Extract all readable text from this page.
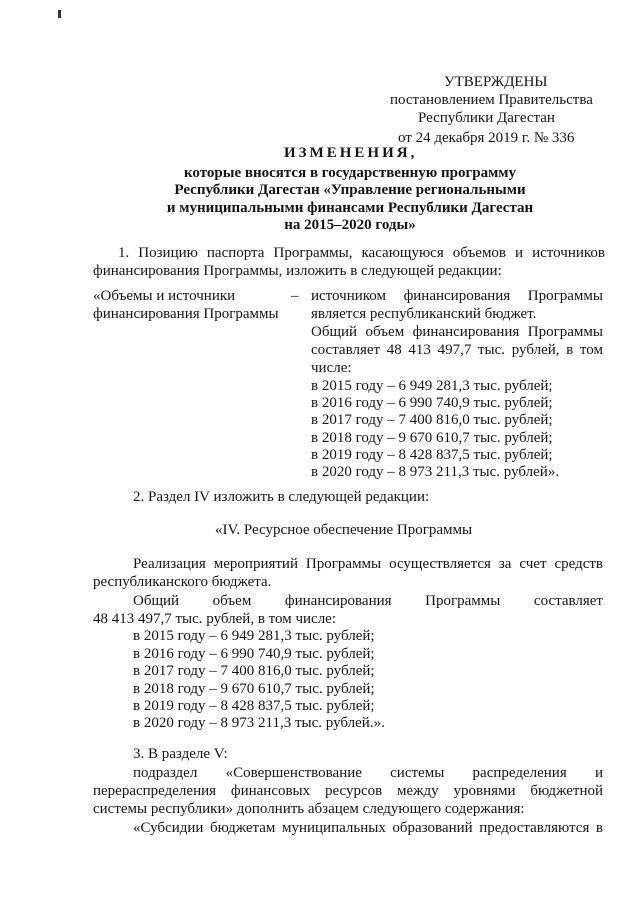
УТВЕРЖДЕНЫ
постановлением Правительства
Республики Дагестан
от 24 декабря 2019 г. № 336
ИЗМЕНЕНИЯ,
которые вносятся в государственную программу
Республики Дагестан «Управление региональными
и муниципальными финансами Республики Дагестан
на 2015–2020 годы»
1. Позицию паспорта Программы, касающуюся объемов и источников
финансирования Программы, изложить в следующей редакции:
«Объемы и источники
финансирования Программы
– источником финансирования Программы
является республиканский бюджет.
Общий объем финансирования Программы
составляет 48 413 497,7 тыс. рублей, в том
числе:
в 2015 году – 6 949 281,3 тыс. рублей;
в 2016 году – 6 990 740,9 тыс. рублей;
в 2017 году – 7 400 816,0 тыс. рублей;
в 2018 году – 9 670 610,7 тыс. рублей;
в 2019 году – 8 428 837,5 тыс. рублей;
в 2020 году – 8 973 211,3 тыс. рублей».
2. Раздел IV изложить в следующей редакции:
«IV. Ресурсное обеспечение Программы
Реализация мероприятий Программы осуществляется за счет средств
республиканского бюджета.
Общий объем финансирования Программы составляет
48 413 497,7 тыс. рублей, в том числе:
в 2015 году – 6 949 281,3 тыс. рублей;
в 2016 году – 6 990 740,9 тыс. рублей;
в 2017 году – 7 400 816,0 тыс. рублей;
в 2018 году – 9 670 610,7 тыс. рублей;
в 2019 году – 8 428 837,5 тыс. рублей;
в 2020 году – 8 973 211,3 тыс. рублей.».
3. В разделе V:
подраздел «Совершенствование системы распределения и
перераспределения финансовых ресурсов между уровнями бюджетной
системы республики» дополнить абзацем следующего содержания:
«Субсидии бюджетам муниципальных образований предоставляются в
